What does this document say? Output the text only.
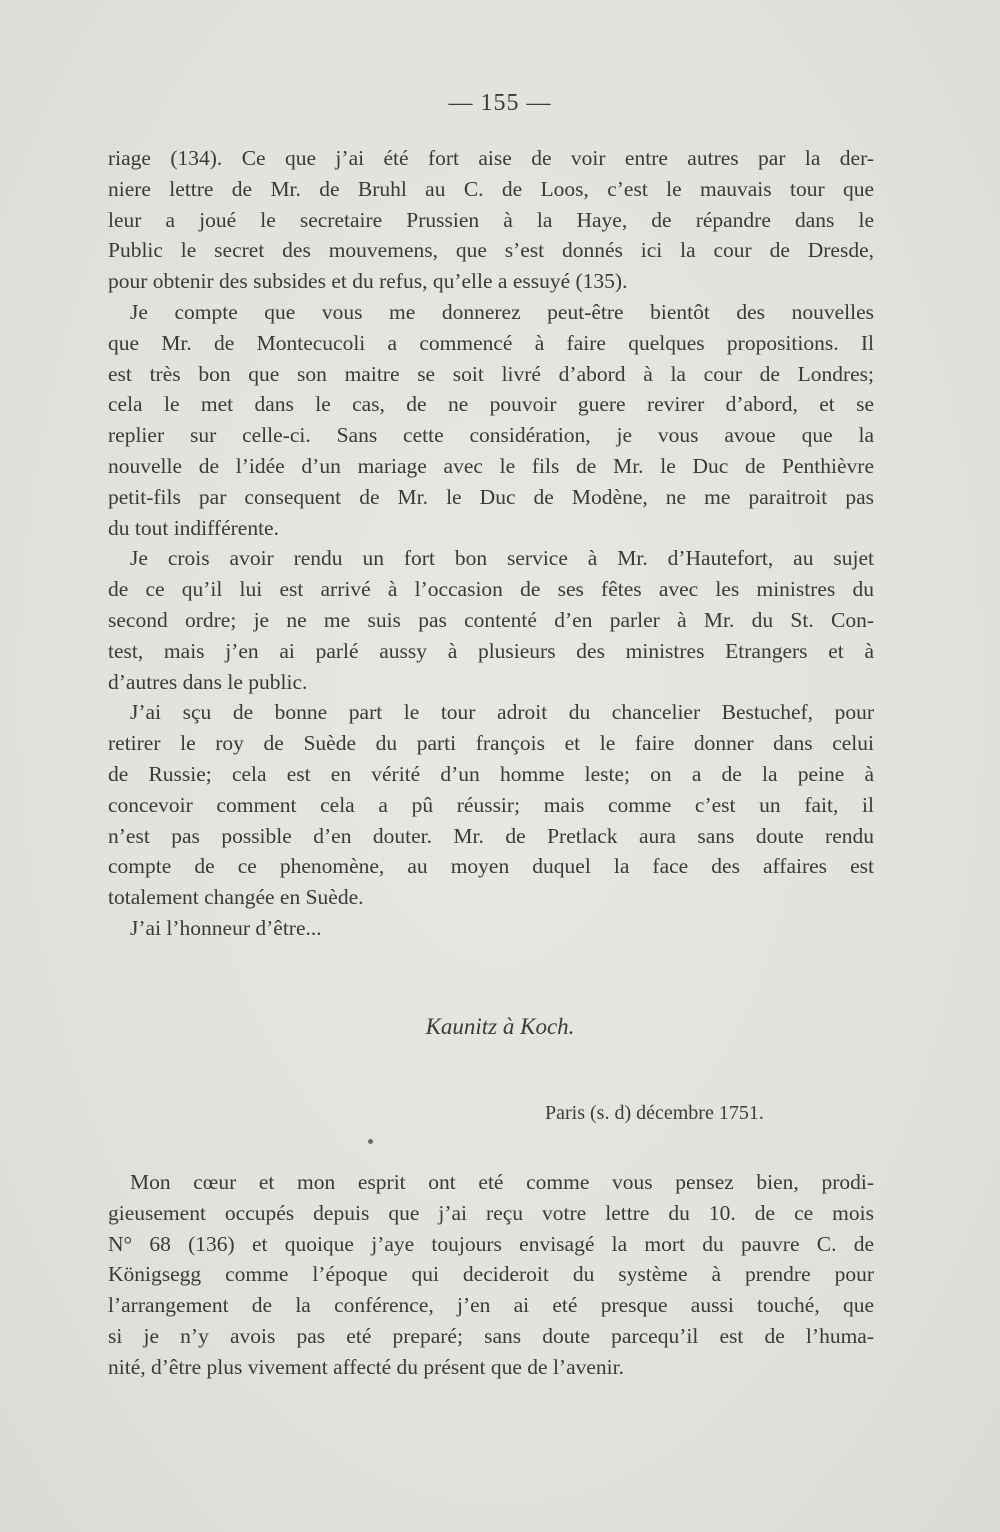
— 155 —
riage (134). Ce que j’ai été fort aise de voir entre autres par la der-
niere lettre de Mr. de Bruhl au C. de Loos, c’est le mauvais tour que
leur a joué le secretaire Prussien à la Haye, de répandre dans le
Public le secret des mouvemens, que s’est donnés ici la cour de Dresde,
pour obtenir des subsides et du refus, qu’elle a essuyé (135).
Je compte que vous me donnerez peut-être bientôt des nouvelles
que Mr. de Montecucoli a commencé à faire quelques propositions. Il
est très bon que son maitre se soit livré d’abord à la cour de Londres;
cela le met dans le cas, de ne pouvoir guere revirer d’abord, et se
replier sur celle-ci. Sans cette considération, je vous avoue que la
nouvelle de l’idée d’un mariage avec le fils de Mr. le Duc de Penthièvre
petit-fils par consequent de Mr. le Duc de Modène, ne me paraitroit pas
du tout indifférente.
Je crois avoir rendu un fort bon service à Mr. d’Hautefort, au sujet
de ce qu’il lui est arrivé à l’occasion de ses fêtes avec les ministres du
second ordre; je ne me suis pas contenté d’en parler à Mr. du St. Con-
test, mais j’en ai parlé aussy à plusieurs des ministres Etrangers et à
d’autres dans le public.
J’ai sçu de bonne part le tour adroit du chancelier Bestuchef, pour
retirer le roy de Suède du parti françois et le faire donner dans celui
de Russie; cela est en vérité d’un homme leste; on a de la peine à
concevoir comment cela a pû réussir; mais comme c’est un fait, il
n’est pas possible d’en douter. Mr. de Pretlack aura sans doute rendu
compte de ce phenomène, au moyen duquel la face des affaires est
totalement changée en Suède.
J’ai l’honneur d’être...
Kaunitz à Koch.
Paris (s. d) décembre 1751.
Mon cœur et mon esprit ont eté comme vous pensez bien, prodi-
gieusement occupés depuis que j’ai reçu votre lettre du 10. de ce mois
N° 68 (136) et quoique j’aye toujours envisagé la mort du pauvre C. de
Königsegg comme l’époque qui decideroit du système à prendre pour
l’arrangement de la conférence, j’en ai eté presque aussi touché, que
si je n’y avois pas eté preparé; sans doute parcequ’il est de l’huma-
nité, d’être plus vivement affecté du présent que de l’avenir.
